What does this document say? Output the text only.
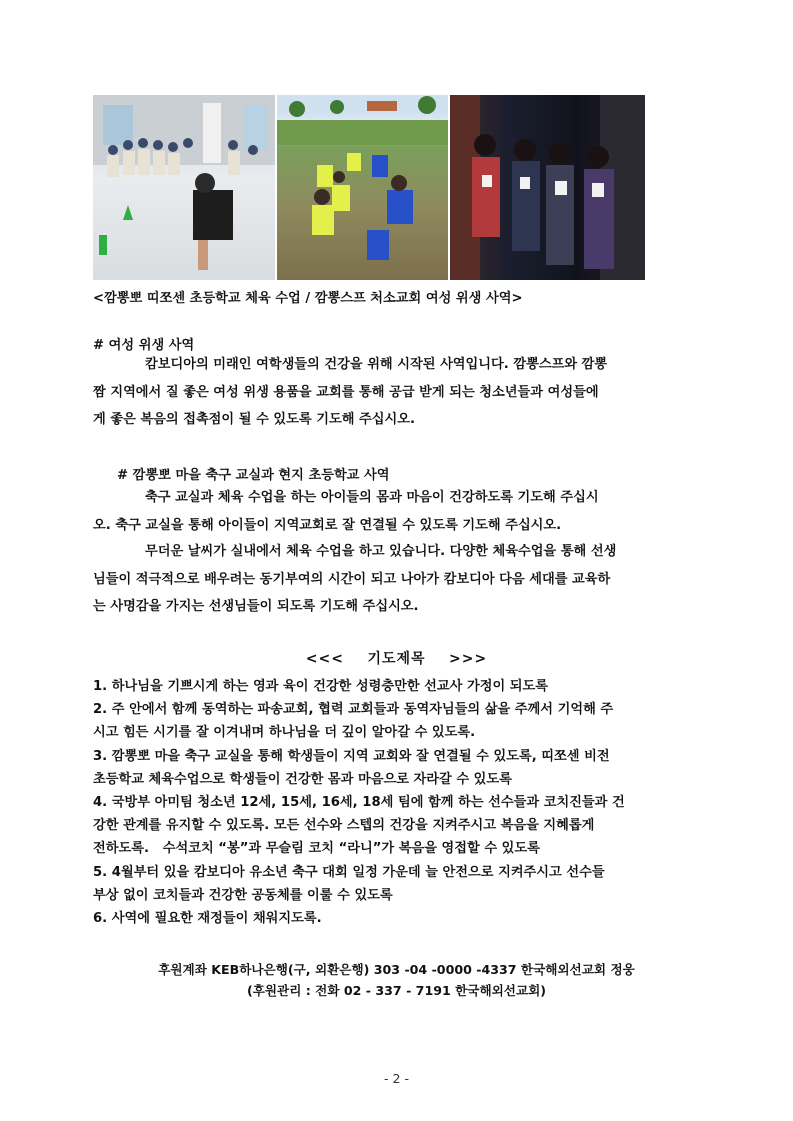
<깜뽕뽀 띠쪼센 초등학교 체육 수업 / 깜뽕스프 처소교회 여성 위생 사역>
# 여성 위생 사역
캄보디아의 미래인 여학생들의 건강을 위해 시작된 사역입니다. 깜뽕스프와 깜뽕
짬 지역에서 질 좋은 여성 위생 용품을 교회를 통해 공급 받게 되는 청소년들과 여성들에
게 좋은 복음의 접촉점이 될 수 있도록 기도해 주십시오.
# 깜뽕뽀 마을 축구 교실과 현지 초등학교 사역
축구 교실과 체육 수업을 하는 아이들의 몸과 마음이 건강하도록 기도해 주십시
오. 축구 교실을 통해 아이들이 지역교회로 잘 연결될 수 있도록 기도해 주십시오.
무더운 날씨가 실내에서 체육 수업을 하고 있습니다. 다양한 체육수업을 통해 선생
님들이 적극적으로 배우려는 동기부여의 시간이 되고 나아가 캄보디아 다음 세대를 교육하
는 사명감을 가지는 선생님들이 되도록 기도해 주십시오.
<<<    기도제목    >>>
1. 하나님을 기쁘시게 하는 영과 육이 건강한 성령충만한 선교사 가정이 되도록
2. 주 안에서 함께 동역하는 파송교회, 협력 교회들과 동역자님들의 삶을 주께서 기억해 주
시고 힘든 시기를 잘 이겨내며 하나님을 더 깊이 알아갈 수 있도록.
3. 깜뽕뽀 마을 축구 교실을 통해 학생들이 지역 교회와 잘 연결될 수 있도록, 띠쪼센 비전
초등학교 체육수업으로 학생들이 건강한 몸과 마음으로 자라갈 수 있도록
4. 국방부 아미팀 청소년 12세, 15세, 16세, 18세 팀에 함께 하는 선수들과 코치진들과 건
강한 관계를 유지할 수 있도록. 모든 선수와 스텝의 건강을 지켜주시고 복음을 지혜롭게
전하도록.   수석코치 “봉”과 무슬림 코치 “라니”가 복음을 영접할 수 있도록
5. 4월부터 있을 캄보디아 유소년 축구 대회 일정 가운데 늘 안전으로 지켜주시고 선수들
부상 없이 코치들과 건강한 공동체를 이룰 수 있도록
6. 사역에 필요한 재정들이 채워지도록.
후원계좌 KEB하나은행(구, 외환은행) 303 -04 -0000 -4337 한국해외선교회 정웅
(후원관리 : 전화 02 - 337 - 7191 한국해외선교회)
- 2 -
